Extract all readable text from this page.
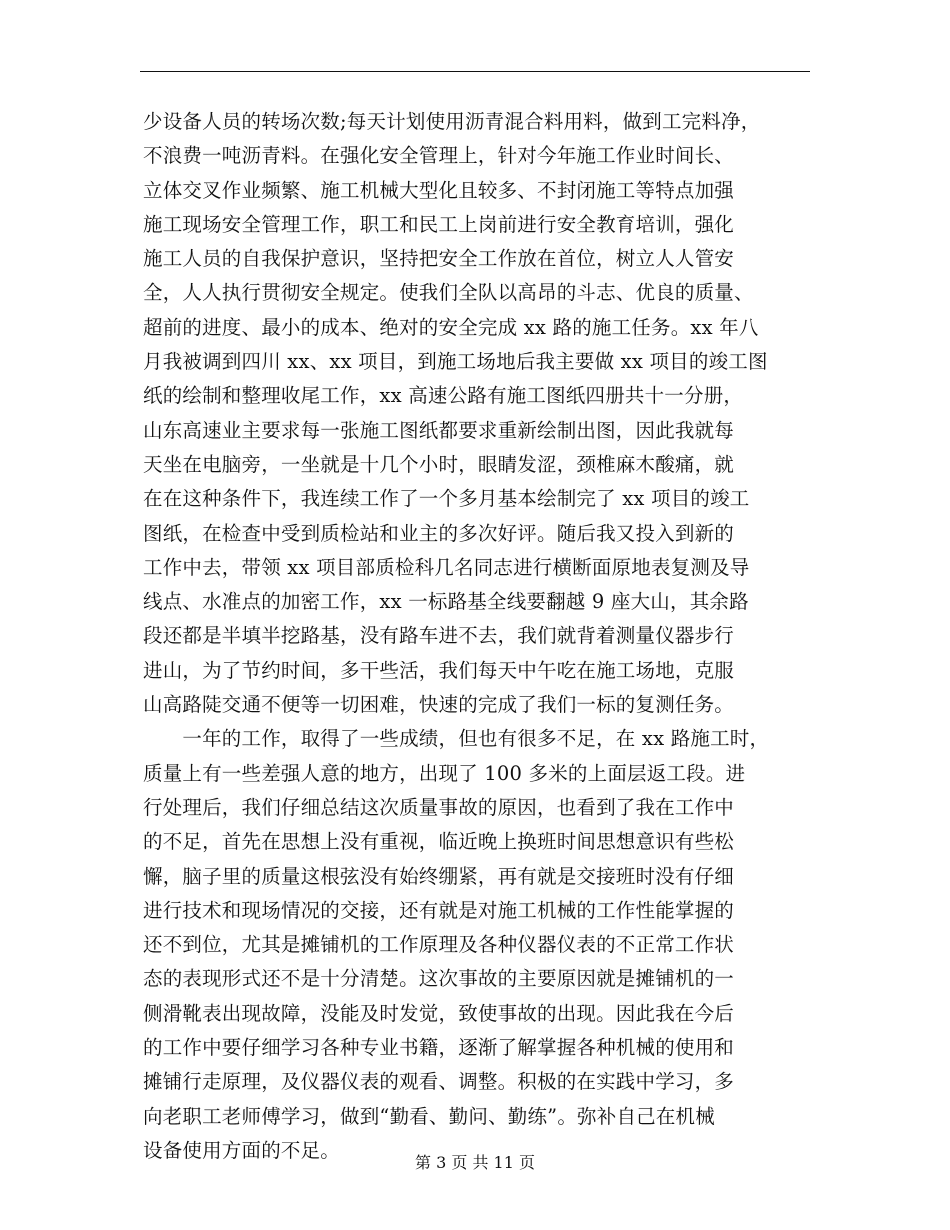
少设备人员的转场次数;每天计划使用沥青混合料用料，做到工完料净，
不浪费一吨沥青料。在强化安全管理上，针对今年施工作业时间长、
立体交叉作业频繁、施工机械大型化且较多、不封闭施工等特点加强
施工现场安全管理工作，职工和民工上岗前进行安全教育培训，强化
施工人员的自我保护意识，坚持把安全工作放在首位，树立人人管安
全，人人执行贯彻安全规定。使我们全队以高昂的斗志、优良的质量、
超前的进度、最小的成本、绝对的安全完成 xx 路的施工任务。xx 年八
月我被调到四川 xx、xx 项目，到施工场地后我主要做 xx 项目的竣工图
纸的绘制和整理收尾工作，xx 高速公路有施工图纸四册共十一分册，
山东高速业主要求每一张施工图纸都要求重新绘制出图，因此我就每
天坐在电脑旁，一坐就是十几个小时，眼睛发涩，颈椎麻木酸痛，就
在在这种条件下，我连续工作了一个多月基本绘制完了 xx 项目的竣工
图纸，在检查中受到质检站和业主的多次好评。随后我又投入到新的
工作中去，带领 xx 项目部质检科几名同志进行横断面原地表复测及导
线点、水准点的加密工作，xx 一标路基全线要翻越 9 座大山，其余路
段还都是半填半挖路基，没有路车进不去，我们就背着测量仪器步行
进山，为了节约时间，多干些活，我们每天中午吃在施工场地，克服
山高路陡交通不便等一切困难，快速的完成了我们一标的复测任务。
　　一年的工作，取得了一些成绩，但也有很多不足，在 xx 路施工时，
质量上有一些差强人意的地方，出现了 100 多米的上面层返工段。进
行处理后，我们仔细总结这次质量事故的原因，也看到了我在工作中
的不足，首先在思想上没有重视，临近晚上换班时间思想意识有些松
懈，脑子里的质量这根弦没有始终绷紧，再有就是交接班时没有仔细
进行技术和现场情况的交接，还有就是对施工机械的工作性能掌握的
还不到位，尤其是摊铺机的工作原理及各种仪器仪表的不正常工作状
态的表现形式还不是十分清楚。这次事故的主要原因就是摊铺机的一
侧滑靴表出现故障，没能及时发觉，致使事故的出现。因此我在今后
的工作中要仔细学习各种专业书籍，逐渐了解掌握各种机械的使用和
摊铺行走原理，及仪器仪表的观看、调整。积极的在实践中学习，多
向老职工老师傅学习，做到“勤看、勤问、勤练”。弥补自己在机械
设备使用方面的不足。
第 3 页 共 11 页
